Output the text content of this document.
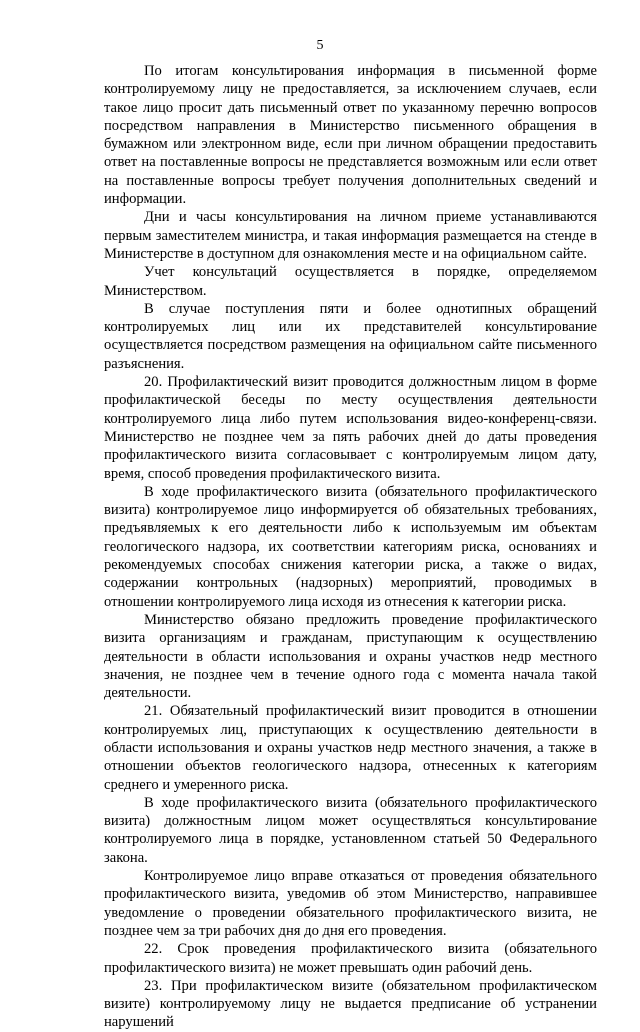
5

По итогам консультирования информация в письменной форме контролируемому лицу не предоставляется, за исключением случаев, если такое лицо просит дать письменный ответ по указанному перечню вопросов посредством направления в Министерство письменного обращения в бумажном или электронном виде, если при личном обращении предоставить ответ на поставленные вопросы не представляется возможным или если ответ на поставленные вопросы требует получения дополнительных сведений и информации.

Дни и часы консультирования на личном приеме устанавливаются первым заместителем министра, и такая информация размещается на стенде в Министерстве в доступном для ознакомления месте и на официальном сайте.

Учет консультаций осуществляется в порядке, определяемом Министерством.

В случае поступления пяти и более однотипных обращений контролируемых лиц или их представителей консультирование осуществляется посредством размещения на официальном сайте письменного разъяснения.

20. Профилактический визит проводится должностным лицом в форме профилактической беседы по месту осуществления деятельности контролируемого лица либо путем использования видео-конференц-связи. Министерство не позднее чем за пять рабочих дней до даты проведения профилактического визита согласовывает с контролируемым лицом дату, время, способ проведения профилактического визита.

В ходе профилактического визита (обязательного профилактического визита) контролируемое лицо информируется об обязательных требованиях, предъявляемых к его деятельности либо к используемым им объектам геологического надзора, их соответствии категориям риска, основаниях и рекомендуемых способах снижения категории риска, а также о видах, содержании контрольных (надзорных) мероприятий, проводимых в отношении контролируемого лица исходя из отнесения к категории риска.

Министерство обязано предложить проведение профилактического визита организациям и гражданам, приступающим к осуществлению деятельности в области использования и охраны участков недр местного значения, не позднее чем в течение одного года с момента начала такой деятельности.

21. Обязательный профилактический визит проводится в отношении контролируемых лиц, приступающих к осуществлению деятельности в области использования и охраны участков недр местного значения, а также в отношении объектов геологического надзора, отнесенных к категориям среднего и умеренного риска.

В ходе профилактического визита (обязательного профилактического визита) должностным лицом может осуществляться консультирование контролируемого лица в порядке, установленном статьей 50 Федерального закона.

Контролируемое лицо вправе отказаться от проведения обязательного профилактического визита, уведомив об этом Министерство, направившее уведомление о проведении обязательного профилактического визита, не позднее чем за три рабочих дня до дня его проведения.

22. Срок проведения профилактического визита (обязательного профилактического визита) не может превышать один рабочий день.

23. При профилактическом визите (обязательном профилактическом визите) контролируемому лицу не выдается предписание об устранении нарушений
